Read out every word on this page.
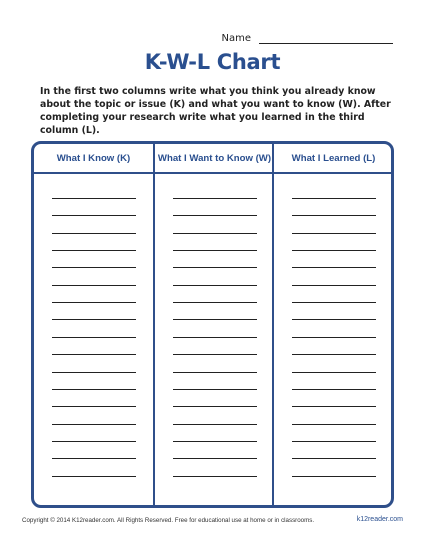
Name
K-W-L Chart
In the first two columns write what you think you already know about the topic or issue (K) and what you want to know (W). After completing your research write what you learned in the third column (L).
What I Know (K)	What I Want to Know (W)	What I Learned (L)
Copyright © 2014 K12reader.com. All Rights Reserved. Free for educational use at home or in classrooms.	k12reader.com
